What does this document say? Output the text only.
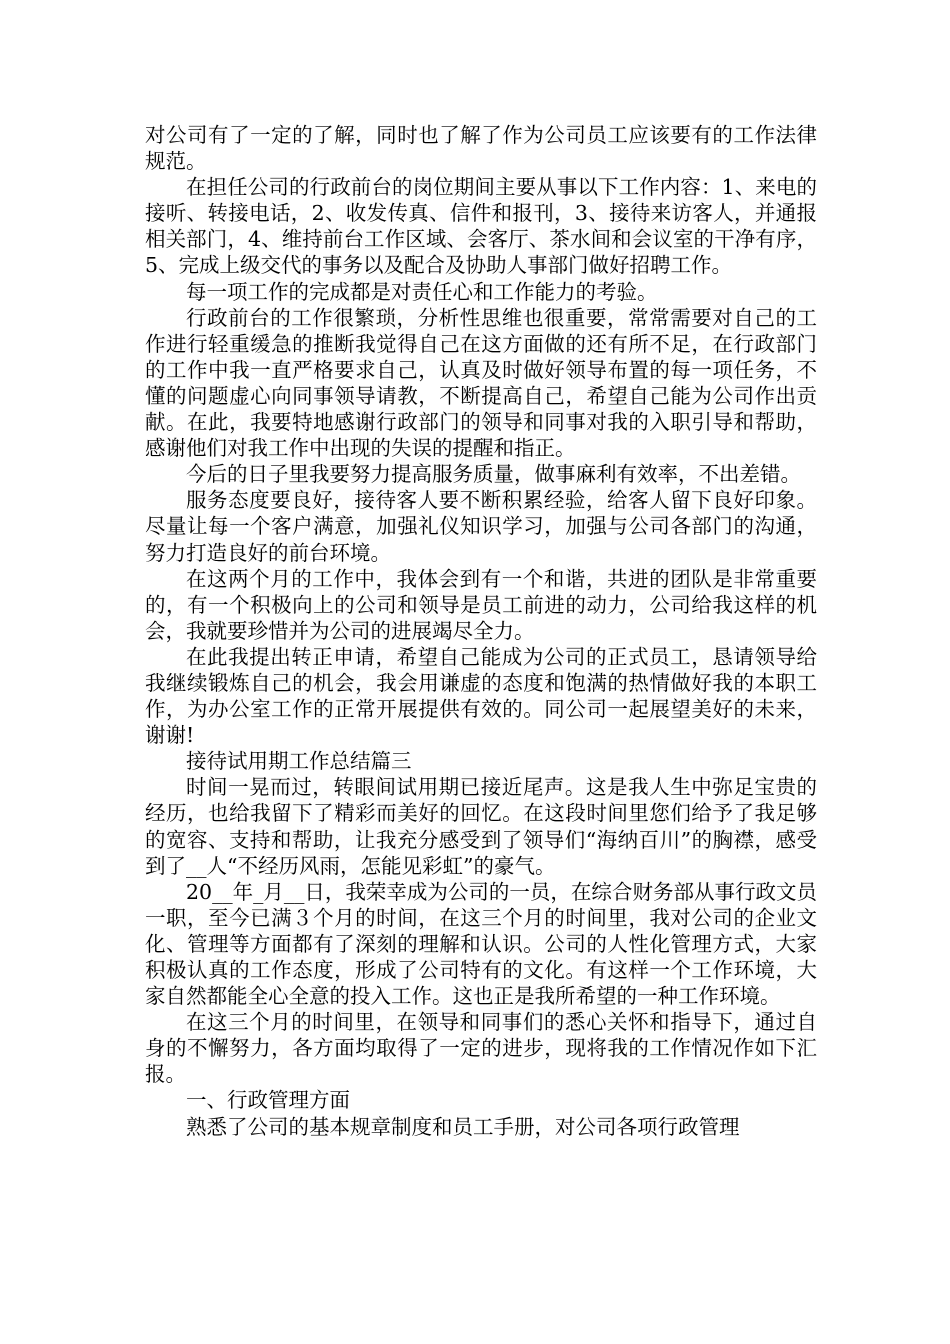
对公司有了一定的了解，同时也了解了作为公司员工应该要有的工作法律规范。

在担任公司的行政前台的岗位期间主要从事以下工作内容：1、来电的接听、转接电话，2、收发传真、信件和报刊，3、接待来访客人，并通报相关部门，4、维持前台工作区域、会客厅、茶水间和会议室的干净有序，5、完成上级交代的事务以及配合及协助人事部门做好招聘工作。

每一项工作的完成都是对责任心和工作能力的考验。

行政前台的工作很繁琐，分析性思维也很重要，常常需要对自己的工作进行轻重缓急的推断我觉得自己在这方面做的还有所不足，在行政部门的工作中我一直严格要求自己，认真及时做好领导布置的每一项任务，不懂的问题虚心向同事领导请教，不断提高自己，希望自己能为公司作出贡献。在此，我要特地感谢行政部门的领导和同事对我的入职引导和帮助，感谢他们对我工作中出现的失误的提醒和指正。

今后的日子里我要努力提高服务质量，做事麻利有效率，不出差错。

服务态度要良好，接待客人要不断积累经验，给客人留下良好印象。尽量让每一个客户满意，加强礼仪知识学习，加强与公司各部门的沟通，努力打造良好的前台环境。

在这两个月的工作中，我体会到有一个和谐，共进的团队是非常重要的，有一个积极向上的公司和领导是员工前进的动力，公司给我这样的机会，我就要珍惜并为公司的进展竭尽全力。

在此我提出转正申请，希望自己能成为公司的正式员工，恳请领导给我继续锻炼自己的机会，我会用谦虚的态度和饱满的热情做好我的本职工作，为办公室工作的正常开展提供有效的。同公司一起展望美好的未来，谢谢!

接待试用期工作总结篇三

时间一晃而过，转眼间试用期已接近尾声。这是我人生中弥足宝贵的经历，也给我留下了精彩而美好的回忆。在这段时间里您们给予了我足够的宽容、支持和帮助，让我充分感受到了领导们“海纳百川”的胸襟，感受到了__人“不经历风雨，怎能见彩虹”的豪气。

20__年_月__日，我荣幸成为公司的一员，在综合财务部从事行政文员一职，至今已满３个月的时间，在这三个月的时间里，我对公司的企业文化、管理等方面都有了深刻的理解和认识。公司的人性化管理方式，大家积极认真的工作态度，形成了公司特有的文化。有这样一个工作环境，大家自然都能全心全意的投入工作。这也正是我所希望的一种工作环境。

在这三个月的时间里，在领导和同事们的悉心关怀和指导下，通过自身的不懈努力，各方面均取得了一定的进步，现将我的工作情况作如下汇报。

一、行政管理方面

熟悉了公司的基本规章制度和员工手册，对公司各项行政管理
